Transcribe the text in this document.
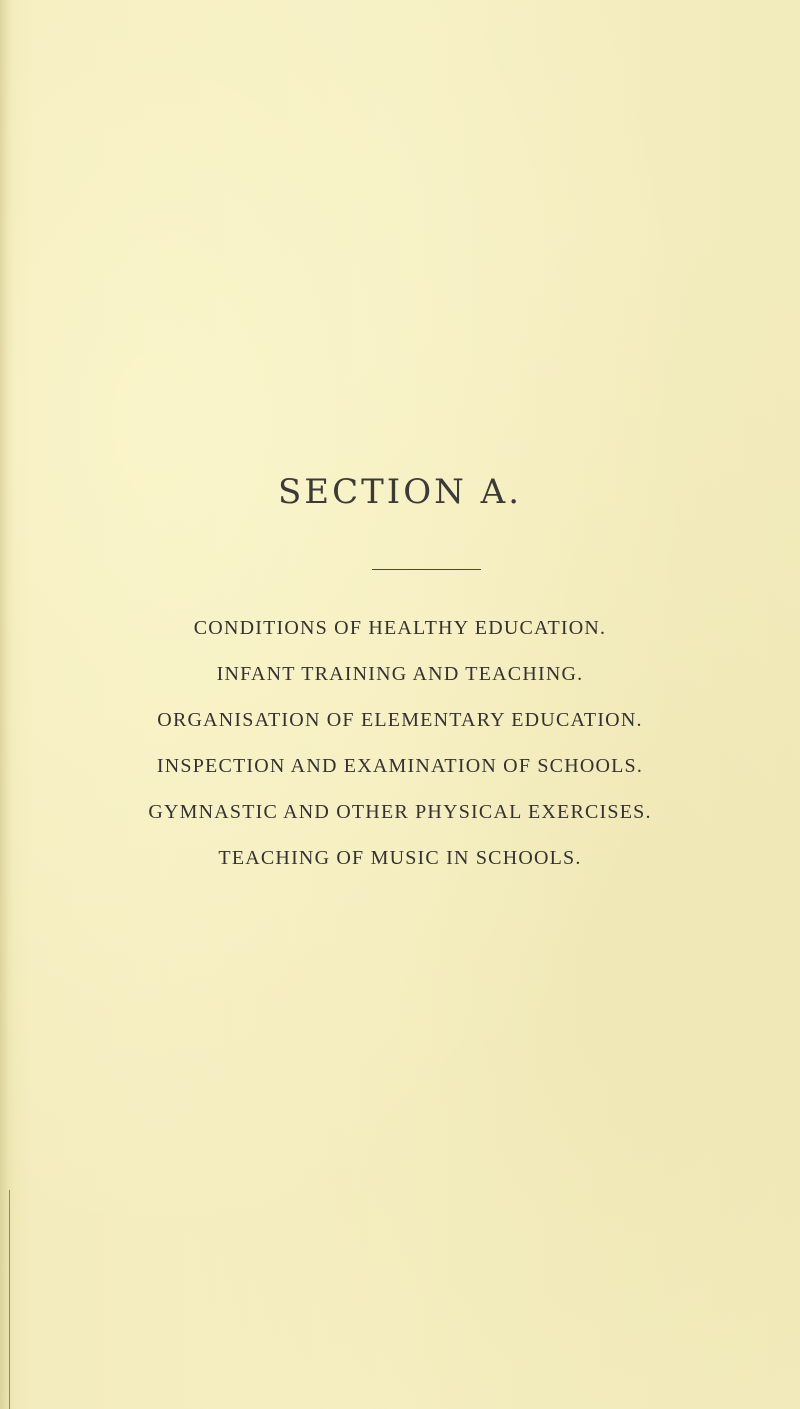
SECTION A.
CONDITIONS OF HEALTHY EDUCATION.
INFANT TRAINING AND TEACHING.
ORGANISATION OF ELEMENTARY EDUCATION.
INSPECTION AND EXAMINATION OF SCHOOLS.
GYMNASTIC AND OTHER PHYSICAL EXERCISES.
TEACHING OF MUSIC IN SCHOOLS.
